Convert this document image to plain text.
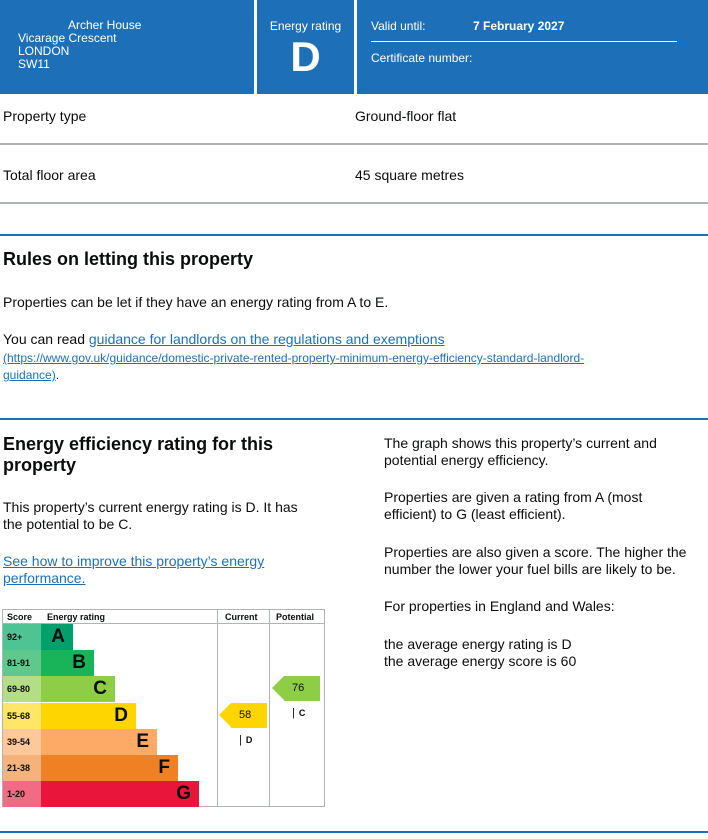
Archer House
Vicarage Crescent
LONDON
SW11
Energy rating
D
Valid until:	7 February 2027
Certificate number:
Property type	Ground-floor flat
Total floor area	45 square metres
Rules on letting this property
Properties can be let if they have an energy rating from A to E.
You can read guidance for landlords on the regulations and exemptions
(https://www.gov.uk/guidance/domestic-private-rented-property-minimum-energy-efficiency-standard-landlord-
guidance).
Energy efficiency rating for this
property
This property’s current energy rating is D. It has
the potential to be C.
See how to improve this property’s energy
performance.
The graph shows this property’s current and
potential energy efficiency.
Properties are given a rating from A (most
efficient) to G (least efficient).
Properties are also given a score. The higher the
number the lower your fuel bills are likely to be.
For properties in England and Wales:
the average energy rating is D
the average energy score is 60
Score Energy rating	Current Potential
92+	A
81-91	B
69-80	C
55-68	D
39-54	E
21-38	F
1-20	G
58 | D
76 | C
